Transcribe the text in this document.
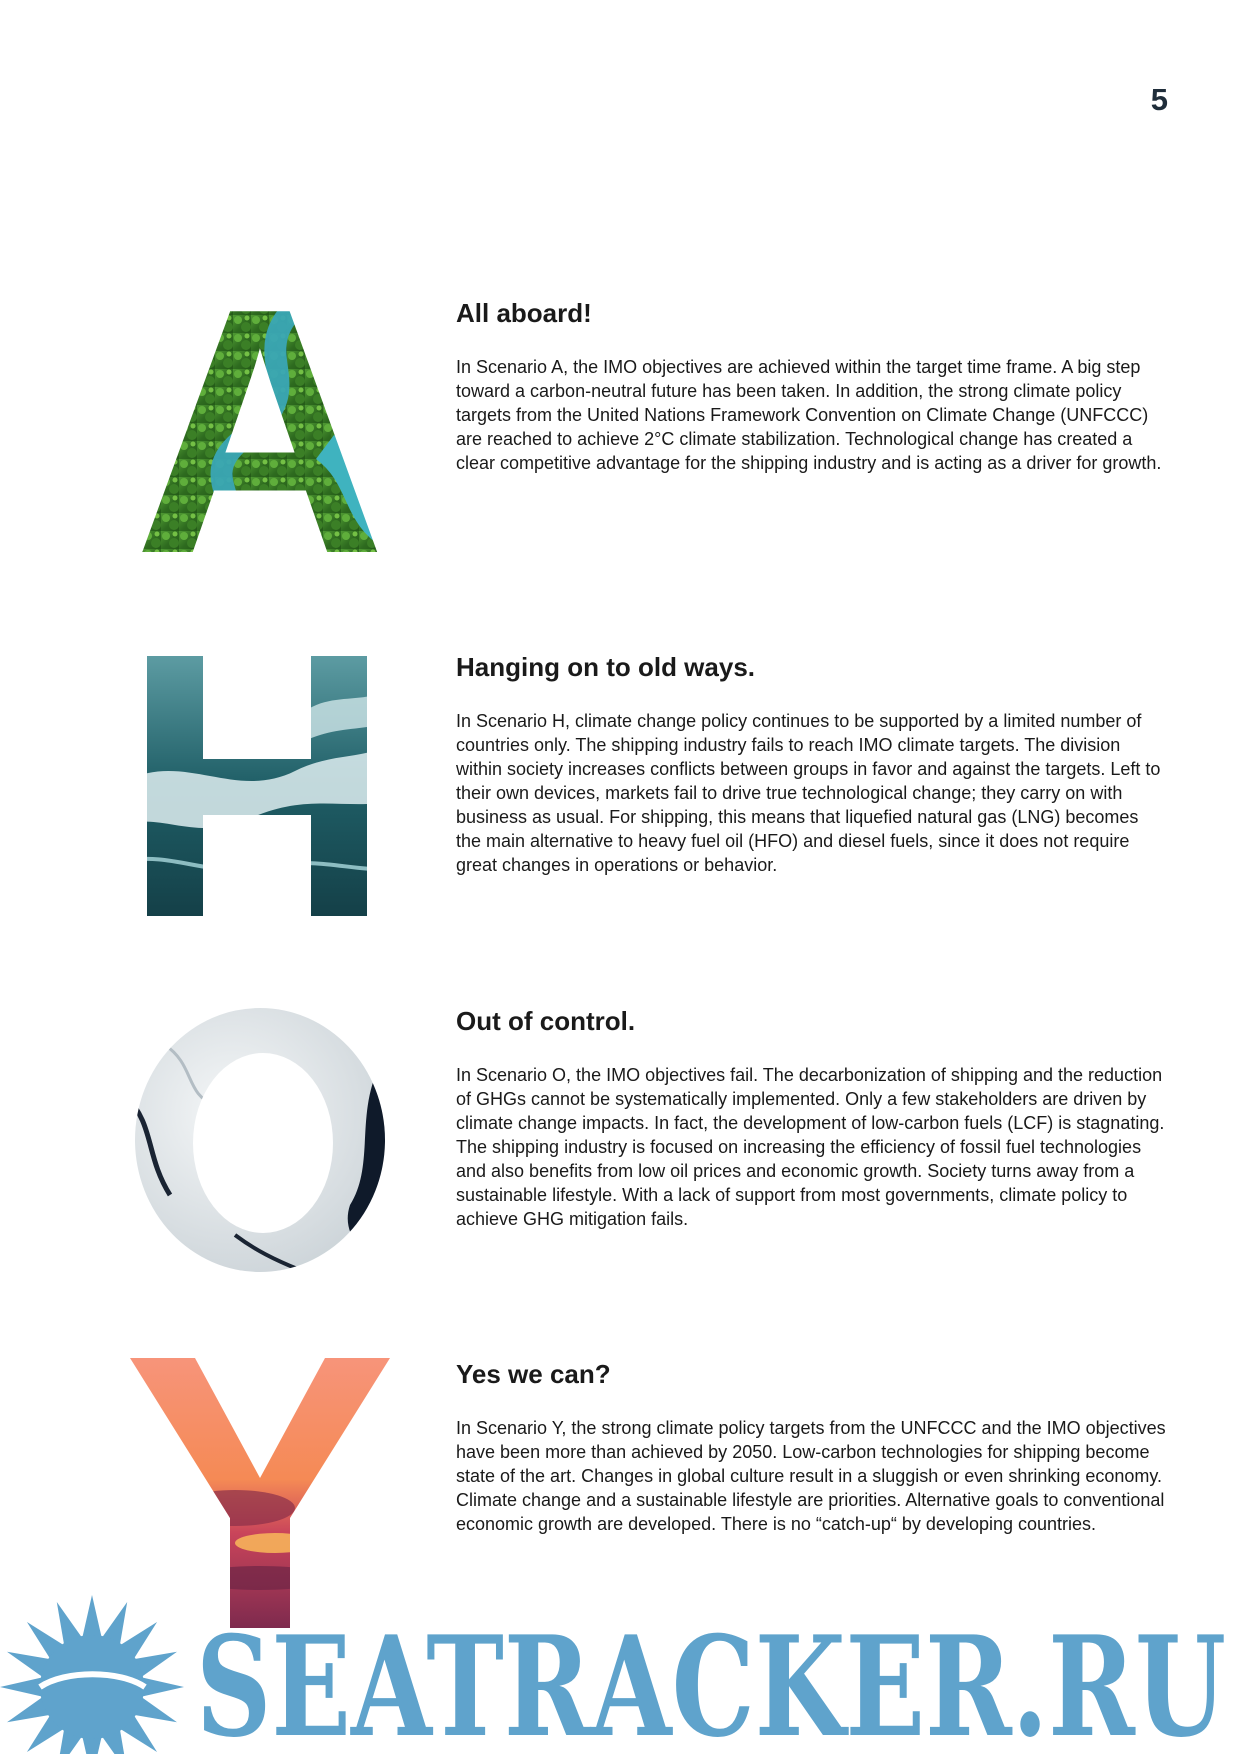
5
All aboard!

In Scenario A, the IMO objectives are achieved within the target time frame. A big step toward a carbon-neutral future has been taken. In addition, the strong climate policy targets from the United Nations Framework Convention on Climate Change (UNFCCC) are reached to achieve 2°C climate stabilization. Technological change has created a clear competitive advantage for the shipping industry and is acting as a driver for growth.

Hanging on to old ways.

In Scenario H, climate change policy continues to be supported by a limited number of countries only. The shipping industry fails to reach IMO climate targets. The division within society increases conflicts between groups in favor and against the targets. Left to their own devices, markets fail to drive true technological change; they carry on with business as usual. For shipping, this means that liquefied natural gas (LNG) becomes the main alternative to heavy fuel oil (HFO) and diesel fuels, since it does not require great changes in operations or behavior.

Out of control.

In Scenario O, the IMO objectives fail. The decarbonization of shipping and the reduction of GHGs cannot be systematically implemented. Only a few stakeholders are driven by climate change impacts. In fact, the development of low-carbon fuels (LCF) is stagnating. The shipping industry is focused on increasing the efficiency of fossil fuel technologies and also benefits from low oil prices and economic growth. Society turns away from a sustainable lifestyle. With a lack of support from most governments, climate policy to achieve GHG mitigation fails.

Yes we can?

In Scenario Y, the strong climate policy targets from the UNFCCC and the IMO objectives have been more than achieved by 2050. Low-carbon technologies for shipping become state of the art. Changes in global culture result in a sluggish or even shrinking economy. Climate change and a sustainable lifestyle are priorities. Alternative goals to conventional economic growth are developed. There is no “catch-up“ by developing countries.

SEATRACKER.RU
